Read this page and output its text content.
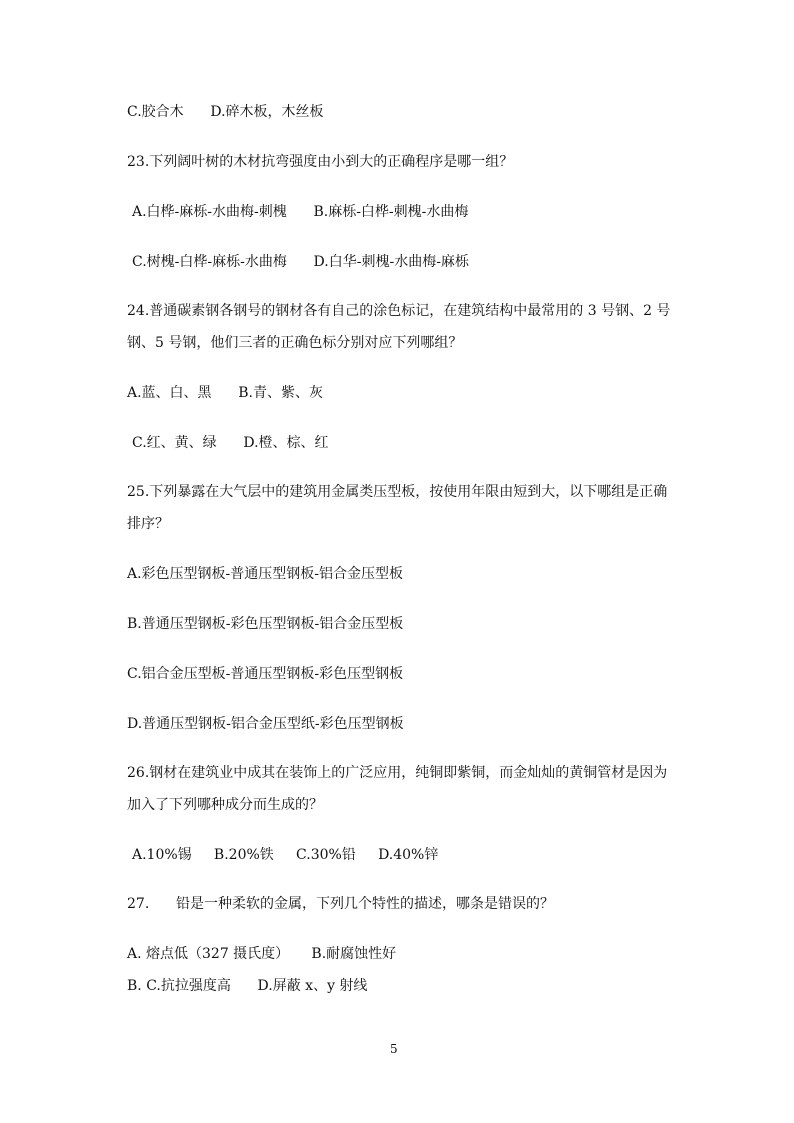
C.胶合木      D.碎木板，木丝板
23.下列阔叶树的木材抗弯强度由小到大的正确程序是哪一组？
A.白桦-麻栎-水曲梅-刺槐      B.麻栎-白桦-刺槐-水曲梅
C.树槐-白桦-麻栎-水曲梅      D.白华-刺槐-水曲梅-麻栎
24.普通碳素钢各钢号的钢材各有自己的涂色标记，在建筑结构中最常用的 3 号钢、2 号
钢、5 号钢，他们三者的正确色标分别对应下列哪组？
A.蓝、白、黑      B.青、紫、灰
C.红、黄、绿      D.橙、棕、红
25.下列暴露在大气层中的建筑用金属类压型板，按使用年限由短到大，以下哪组是正确
排序？
A.彩色压型钢板-普通压型钢板-铝合金压型板
B.普通压型钢板-彩色压型钢板-铝合金压型板
C.铝合金压型板-普通压型钢板-彩色压型钢板
D.普通压型钢板-铝合金压型纸-彩色压型钢板
26.钢材在建筑业中成其在装饰上的广泛应用，纯铜即紫铜，而金灿灿的黄铜管材是因为
加入了下列哪种成分而生成的？
A.10%锡     B.20%铁     C.30%铅     D.40%锌
27.      铅是一种柔软的金属，下列几个特性的描述，哪条是错误的？
A. 熔点低（327 摄氏度）     B.耐腐蚀性好
B. C.抗拉强度高      D.屏蔽 x、y 射线
5
